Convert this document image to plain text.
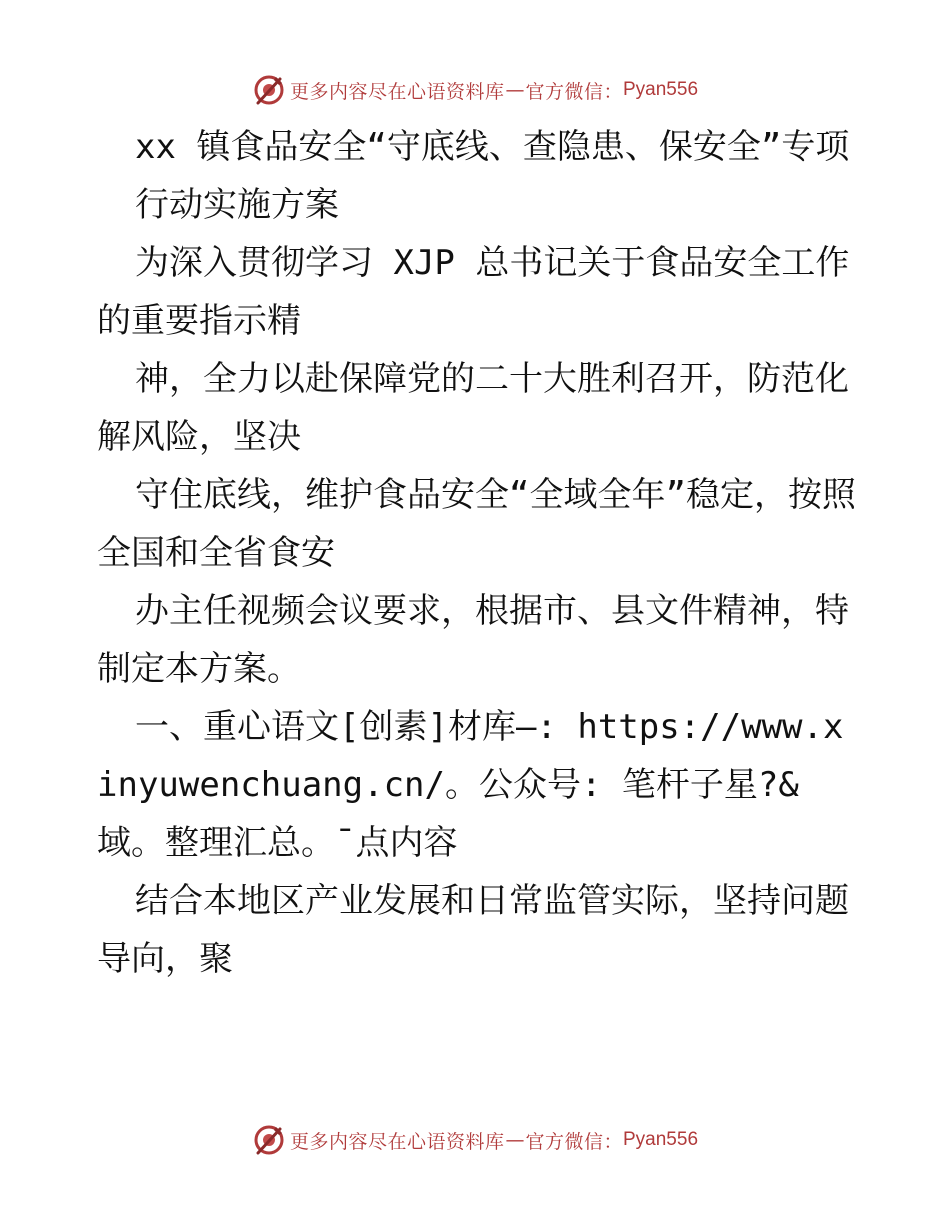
更多内容尽在心语资料库 — 官方微信： Pyan556

xx 镇食品安全“守底线、查隐患、保安全”专项

行动实施方案

为深入贯彻学习 XJP 总书记关于食品安全工作的重要指示精

神，全力以赴保障党的二十大胜利召开，防范化解风险，坚决

守住底线，维护食品安全“全域全年”稳定，按照全国和全省食安

办主任视频会议要求，根据市、县文件精神，特制定本方案。

一、重心语文[创素]材库—: https://www.xinyuwenchuang.cn/。公众号: 笔杆子星?&域。整理汇总。¯点内容

结合本地区产业发展和日常监管实际，坚持问题导向，聚

更多内容尽在心语资料库 — 官方微信： Pyan556
